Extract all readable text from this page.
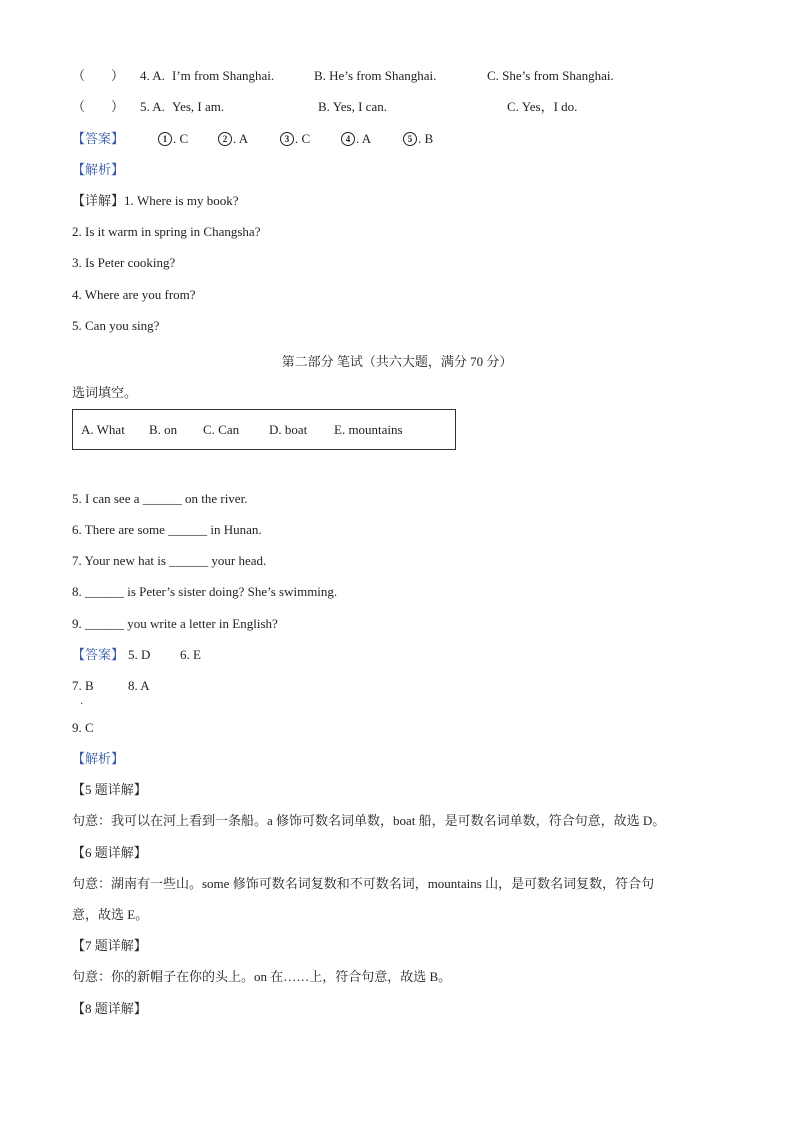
（　　） 4. A. I’m from Shanghai.	B. He’s from Shanghai.	C. She’s from Shanghai.
（　　） 5. A. Yes, I am.	B. Yes, I can.	C. Yes，I do.
【答案】	1 . C	2 . A	3 . C	4 . A	5 . B
【解析】
【详解】1. Where is my book?
2. Is it warm in spring in Changsha?
3. Is Peter cooking?
4. Where are you from?
5. Can you sing?
第二部分 笔试（共六大题，满分 70 分）
选词填空。
A. What B. on C. Can D. boat E. mountains
5. I can see a ______ on the river.
6. There are some ______ in Hunan.
7. Your new hat is ______ your head.
8. ______ is Peter’s sister doing? She’s swimming.
9. ______ you write a letter in English?
【答案】 5. D 6. E
7. B	8. A
·
9. C
【解析】
【5 题详解】
句意：我可以在河上看到一条船。a 修饰可数名词单数，boat 船，是可数名词单数，符合句意，故选 D。
【6 题详解】
句意：湖南有一些山。some 修饰可数名词复数和不可数名词，mountains 山，是可数名词复数，符合句
意，故选 E。
【7 题详解】
句意：你的新帽子在你的头上。on 在……上，符合句意，故选 B。
【8 题详解】
